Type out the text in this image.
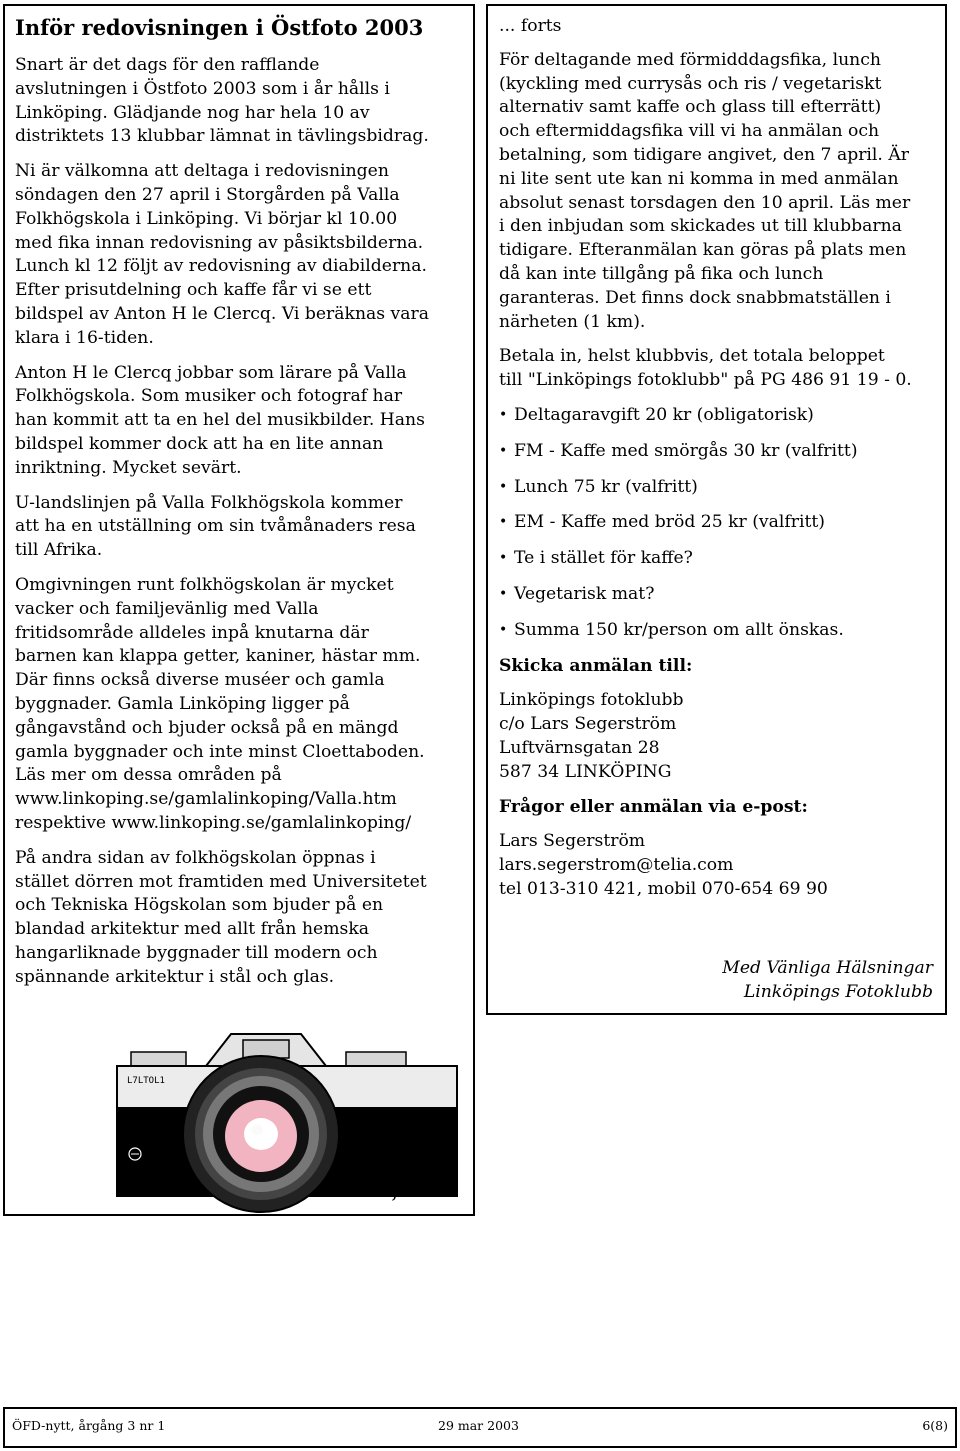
Inför redovisningen i Östfoto 2003

Snart är det dags för den rafflande
avslutningen i Östfoto 2003 som i år hålls i
Linköping. Glädjande nog har hela 10 av
distriktets 13 klubbar lämnat in tävlingsbidrag.

Ni är välkomna att deltaga i redovisningen
söndagen den 27 april i Storgården på Valla
Folkhögskola i Linköping. Vi börjar kl 10.00
med fika innan redovisning av påsiktsbilderna.
Lunch kl 12 följt av redovisning av diabilderna.
Efter prisutdelning och kaffe får vi se ett
bildspel av Anton H le Clercq. Vi beräknas vara
klara i 16-tiden.

Anton H le Clercq jobbar som lärare på Valla
Folkhögskola. Som musiker och fotograf har
han kommit att ta en hel del musikbilder. Hans
bildspel kommer dock att ha en lite annan
inriktning. Mycket sevärt.

U-landslinjen på Valla Folkhögskola kommer
att ha en utställning om sin tvåmånaders resa
till Afrika.

Omgivningen runt folkhögskolan är mycket
vacker och familjevänlig med Valla
fritidsområde alldeles inpå knutarna där
barnen kan klappa getter, kaniner, hästar mm.
Där finns också diverse muséer och gamla
byggnader. Gamla Linköping ligger på
gångavstånd och bjuder också på en mängd
gamla byggnader och inte minst Cloettaboden.
Läs mer om dessa områden på
www.linkoping.se/gamlalinkoping/Valla.htm
respektive www.linkoping.se/gamlalinkoping/

På andra sidan av folkhögskolan öppnas i
stället dörren mot framtiden med Universitetet
och Tekniska Högskolan som bjuder på en
blandad arkitektur med allt från hemska
hangarliknade byggnader till modern och
spännande arkitektur i stål och glas.

L7LTOL1
forts ...

... forts

För deltagande med förmidddagsfika, lunch
(kyckling med currysås och ris / vegetariskt
alternativ samt kaffe och glass till efterrätt)
och eftermiddagsfika vill vi ha anmälan och
betalning, som tidigare angivet, den 7 april. Är
ni lite sent ute kan ni komma in med anmälan
absolut senast torsdagen den 10 april. Läs mer
i den inbjudan som skickades ut till klubbarna
tidigare. Efteranmälan kan göras på plats men
då kan inte tillgång på fika och lunch
garanteras. Det finns dock snabbmatställen i
närheten (1 km).

Betala in, helst klubbvis, det totala beloppet
till "Linköpings fotoklubb" på PG 486 91 19 - 0.

• Deltagaravgift 20 kr (obligatorisk)
• FM - Kaffe med smörgås 30 kr (valfritt)
• Lunch 75 kr (valfritt)
• EM - Kaffe med bröd 25 kr (valfritt)
• Te i stället för kaffe?
• Vegetarisk mat?
• Summa 150 kr/person om allt önskas.
Skicka anmälan till:

Linköpings fotoklubb
c/o Lars Segerström
Luftvärnsgatan 28
587 34 LINKÖPING

Frågor eller anmälan via e-post:

Lars Segerström
lars.segerstrom@telia.com
tel 013-310 421, mobil 070-654 69 90

Med Vänliga Hälsningar
Linköpings Fotoklubb
ÖFD-nytt, årgång 3 nr 1	29 mar 2003	6(8)
